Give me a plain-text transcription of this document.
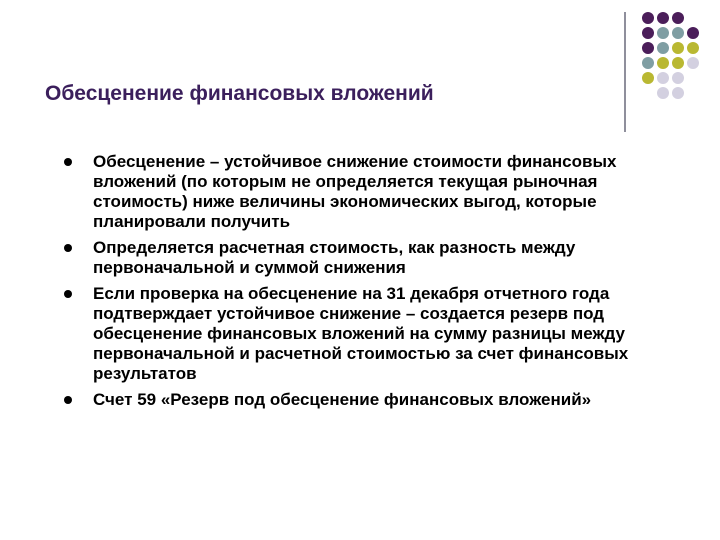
Обесценение финансовых вложений
Обесценение – устойчивое снижение стоимости финансовых вложений (по которым не определяется текущая рыночная стоимость) ниже величины экономических выгод, которые планировали получить
Определяется расчетная стоимость, как разность между первоначальной и суммой снижения
Если проверка на обесценение на 31 декабря отчетного года подтверждает устойчивое снижение – создается резерв под обесценение финансовых вложений на сумму разницы между первоначальной и расчетной стоимостью за счет финансовых результатов
Счет 59 «Резерв под обесценение финансовых вложений»
